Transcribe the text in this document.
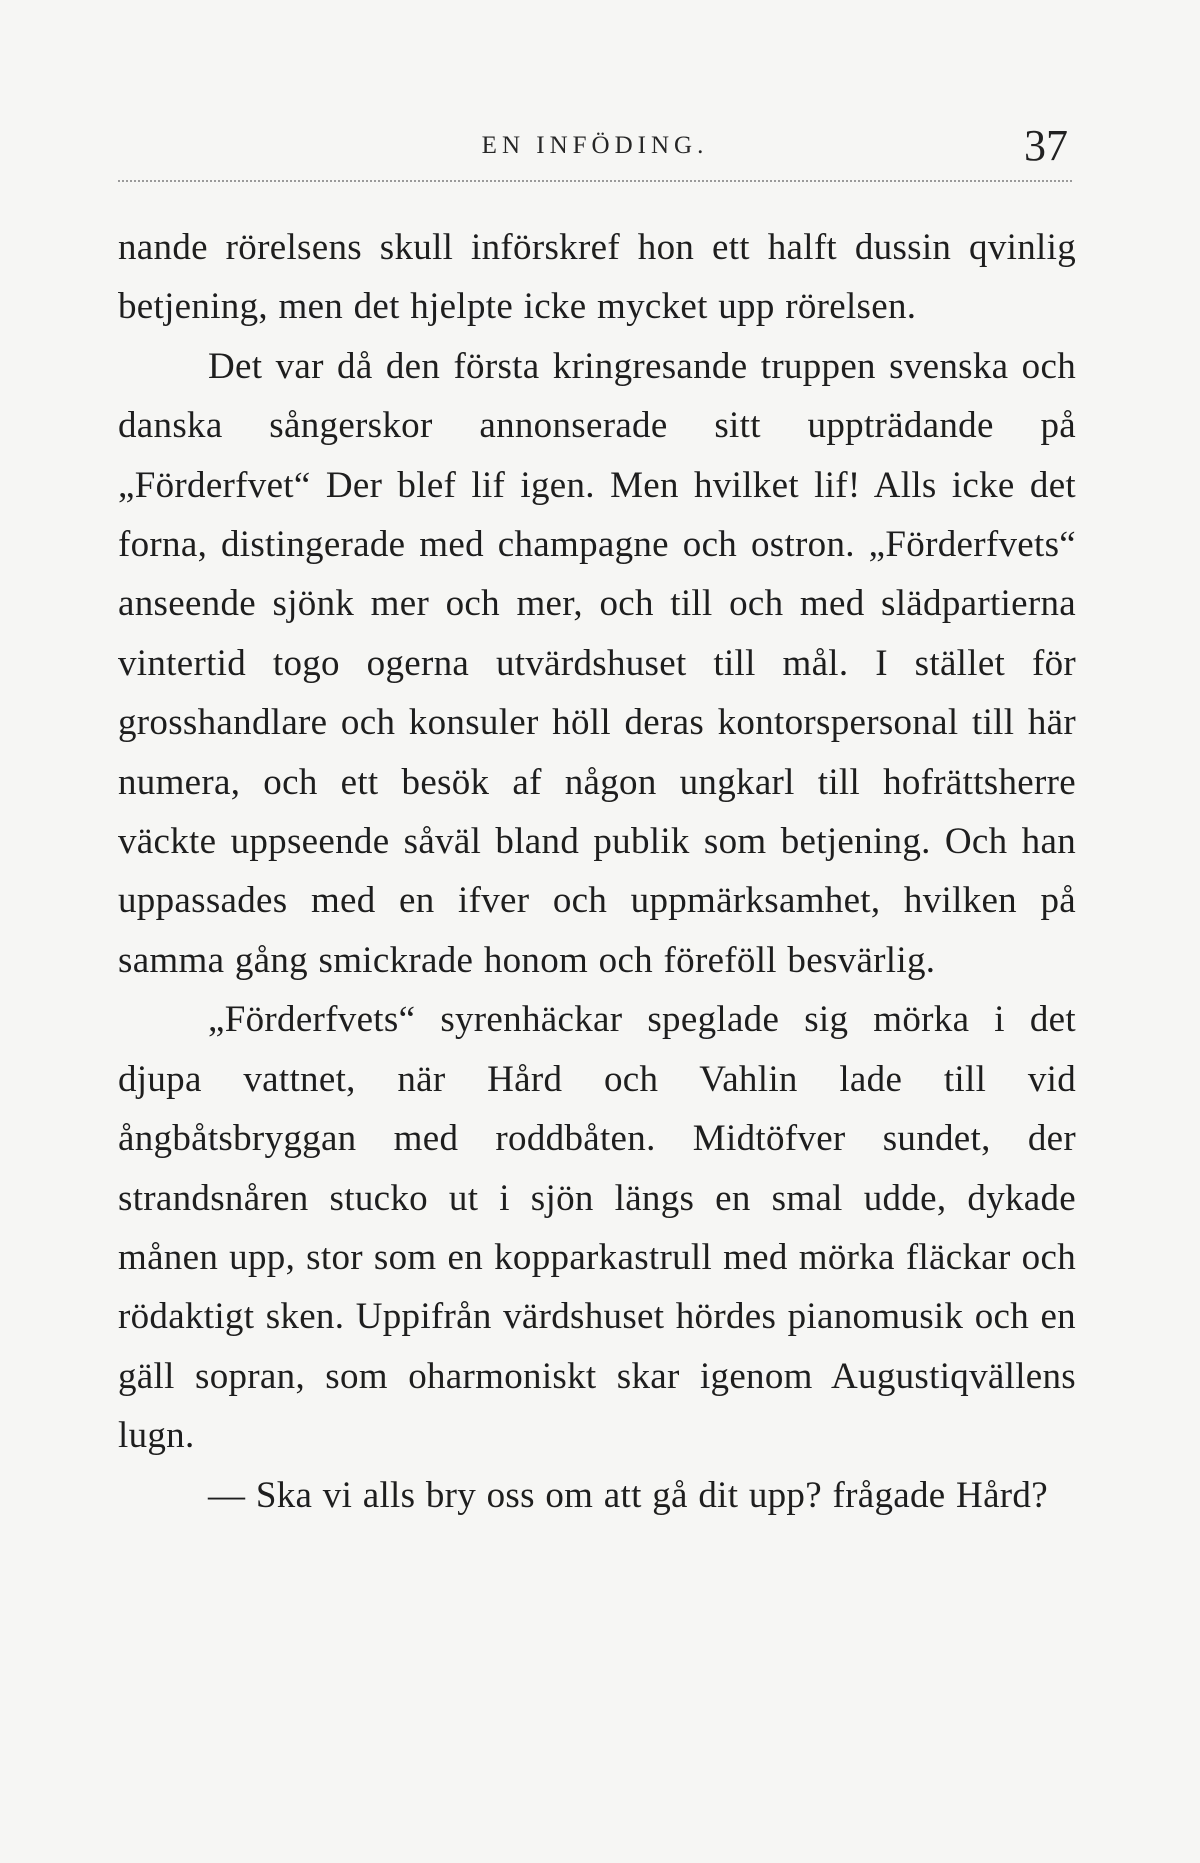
EN INFÖDING.	37

nande rörelsens skull införskref hon ett halft dussin qvinlig betjening, men det hjelpte icke mycket upp rörelsen.

Det var då den första kringresande truppen svenska och danska sångerskor annonserade sitt uppträdande på „Förderfvet“ Der blef lif igen. Men hvilket lif! Alls icke det forna, distingerade med champagne och ostron. „Förderfvets“ anseende sjönk mer och mer, och till och med slädpartierna vintertid togo ogerna utvärdshuset till mål. I stället för grosshandlare och konsuler höll deras kontorspersonal till här numera, och ett besök af någon ungkarl till hofrättsherre väckte uppseende såväl bland publik som betjening. Och han uppassades med en ifver och uppmärksamhet, hvilken på samma gång smickrade honom och föreföll besvärlig.

„Förderfvets“ syrenhäckar speglade sig mörka i det djupa vattnet, när Hård och Vahlin lade till vid ångbåtsbryggan med roddbåten. Midtöfver sundet, der strandsnåren stucko ut i sjön längs en smal udde, dykade månen upp, stor som en kopparkastrull med mörka fläckar och rödaktigt sken. Uppifrån värdshuset hördes pianomusik och en gäll sopran, som oharmoniskt skar igenom Augustiqvällens lugn.

— Ska vi alls bry oss om att gå dit upp? frågade Hård?
